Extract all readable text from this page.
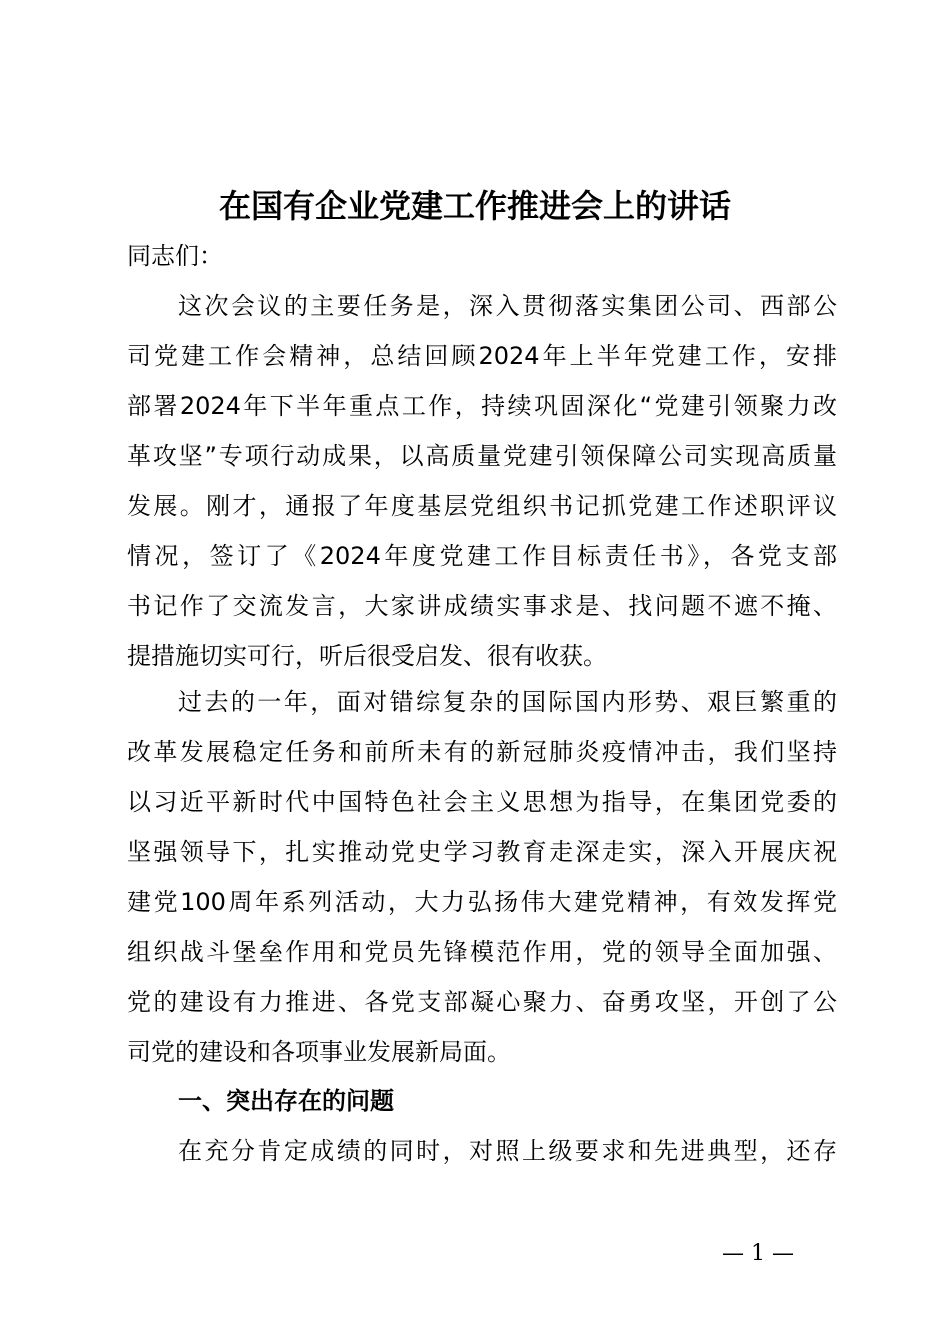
在国有企业党建工作推进会上的讲话
同志们：
这次会议的主要任务是，深入贯彻落实集团公司、西部公
司党建工作会精神，总结回顾2024年上半年党建工作，安排
部署2024年下半年重点工作，持续巩固深化“党建引领聚力改
革攻坚”专项行动成果，以高质量党建引领保障公司实现高质量
发展。刚才，通报了年度基层党组织书记抓党建工作述职评议
情况，签订了《2024年度党建工作目标责任书》，各党支部
书记作了交流发言，大家讲成绩实事求是、找问题不遮不掩、
提措施切实可行，听后很受启发、很有收获。
过去的一年，面对错综复杂的国际国内形势、艰巨繁重的
改革发展稳定任务和前所未有的新冠肺炎疫情冲击，我们坚持
以习近平新时代中国特色社会主义思想为指导，在集团党委的
坚强领导下，扎实推动党史学习教育走深走实，深入开展庆祝
建党100周年系列活动，大力弘扬伟大建党精神，有效发挥党
组织战斗堡垒作用和党员先锋模范作用，党的领导全面加强、
党的建设有力推进、各党支部凝心聚力、奋勇攻坚，开创了公
司党的建设和各项事业发展新局面。
一、突出存在的问题
在充分肯定成绩的同时，对照上级要求和先进典型，还存
— 1 —
